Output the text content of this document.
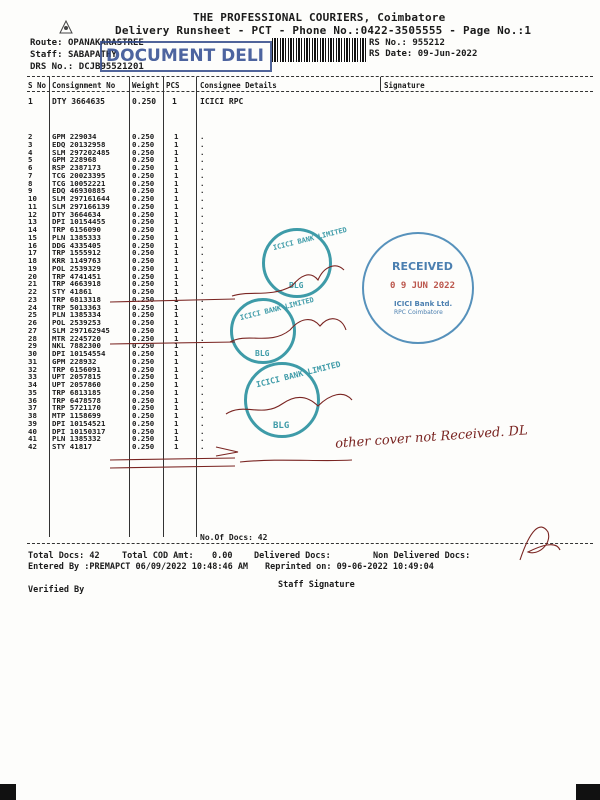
THE PROFESSIONAL COURIERS, Coimbatore
Delivery Runsheet - PCT - Phone No.:0422-3505555 - Page No.:1
Route: OPANAKARASTREE
Staff: SABAPATHY
DRS No.: DCJB95521201
DOCUMENT DELI
RS No.: 955212
RS Date: 09-Jun-2022
S No Consignment No Weight PCS	Consignee Details	Signature
1 DTY 3664635	0.250 1	ICICI RPC
2	GPM 229034	0.250	1	.
3	EDQ 20132958	0.250	1	.
4	SLM 297202485	0.250	1	.
5	GPM 228968	0.250	1	.
6	RSP 2387173	0.250	1	.
7	TCG 20023395	0.250	1	.
8	TCG 10052221	0.250	1	.
9	EDQ 46930885	0.250	1	.
10	SLM 297161644	0.250	1	.
11	SLM 297166139	0.250	1	.
12	DTY 3664634	0.250	1	.
13	DPI 10154455	0.250	1	.
14	TRP 6156090	0.250	1	.
15	PLN 1385333	0.250	1	.
16	DDG 4335405	0.250	1	.
17	TRP 1555912	0.250	1	.
18	KRR 1149763	0.250	1	.
19	POL 2539329	0.250	1	.
20	TRP 4741451	0.250	1	.
21	TRP 4663918	0.250	1	.
22	STY 41861	0.250	1	.
23	TRP 6813318	0.250	1	.
24	TRP 5013363	0.250	1	.
25	PLN 1385334	0.250	1	.
26	POL 2539253	0.250	1	.
27	SLM 297162945	0.250	1	.
28	MTR 2245720	0.250	1	.
29	NKL 7882300	0.250	1	.
30	DPI 10154554	0.250	1	.
31	GPM 228932	0.250	1	.
32	TRP 6156091	0.250	1	.
33	UPT 2057815	0.250	1	.
34	UPT 2057860	0.250	1	.
35	TRP 6813185	0.250	1	.
36	TRP 6478578	0.250	1	.
37	TRP 5721170	0.250	1	.
38	MTP 1158699	0.250	1	.
39	DPI 10154521	0.250	1	.
40	DPI 10150317	0.250	1	.
41	PLN 1385332	0.250	1	.
42	STY 41817	0.250	1	.
No.Of Docs: 42
Total Docs: 42	Total COD Amt: 0.00	Delivered Docs:	Non Delivered Docs:
Entered By :PREMAPCT 06/09/2022 10:48:46 AM Reprinted on: 09-06-2022 10:49:04
Verified By	Staff Signature
ICICI BANK LIMITED
BLG
ICICI BANK LIMITED
BLG
ICICI BANK LIMITED
BLG
RECEIVED
0 9 JUN 2022
ICICI Bank Ltd.
RPC Coimbatore
other cover not Received. DL
